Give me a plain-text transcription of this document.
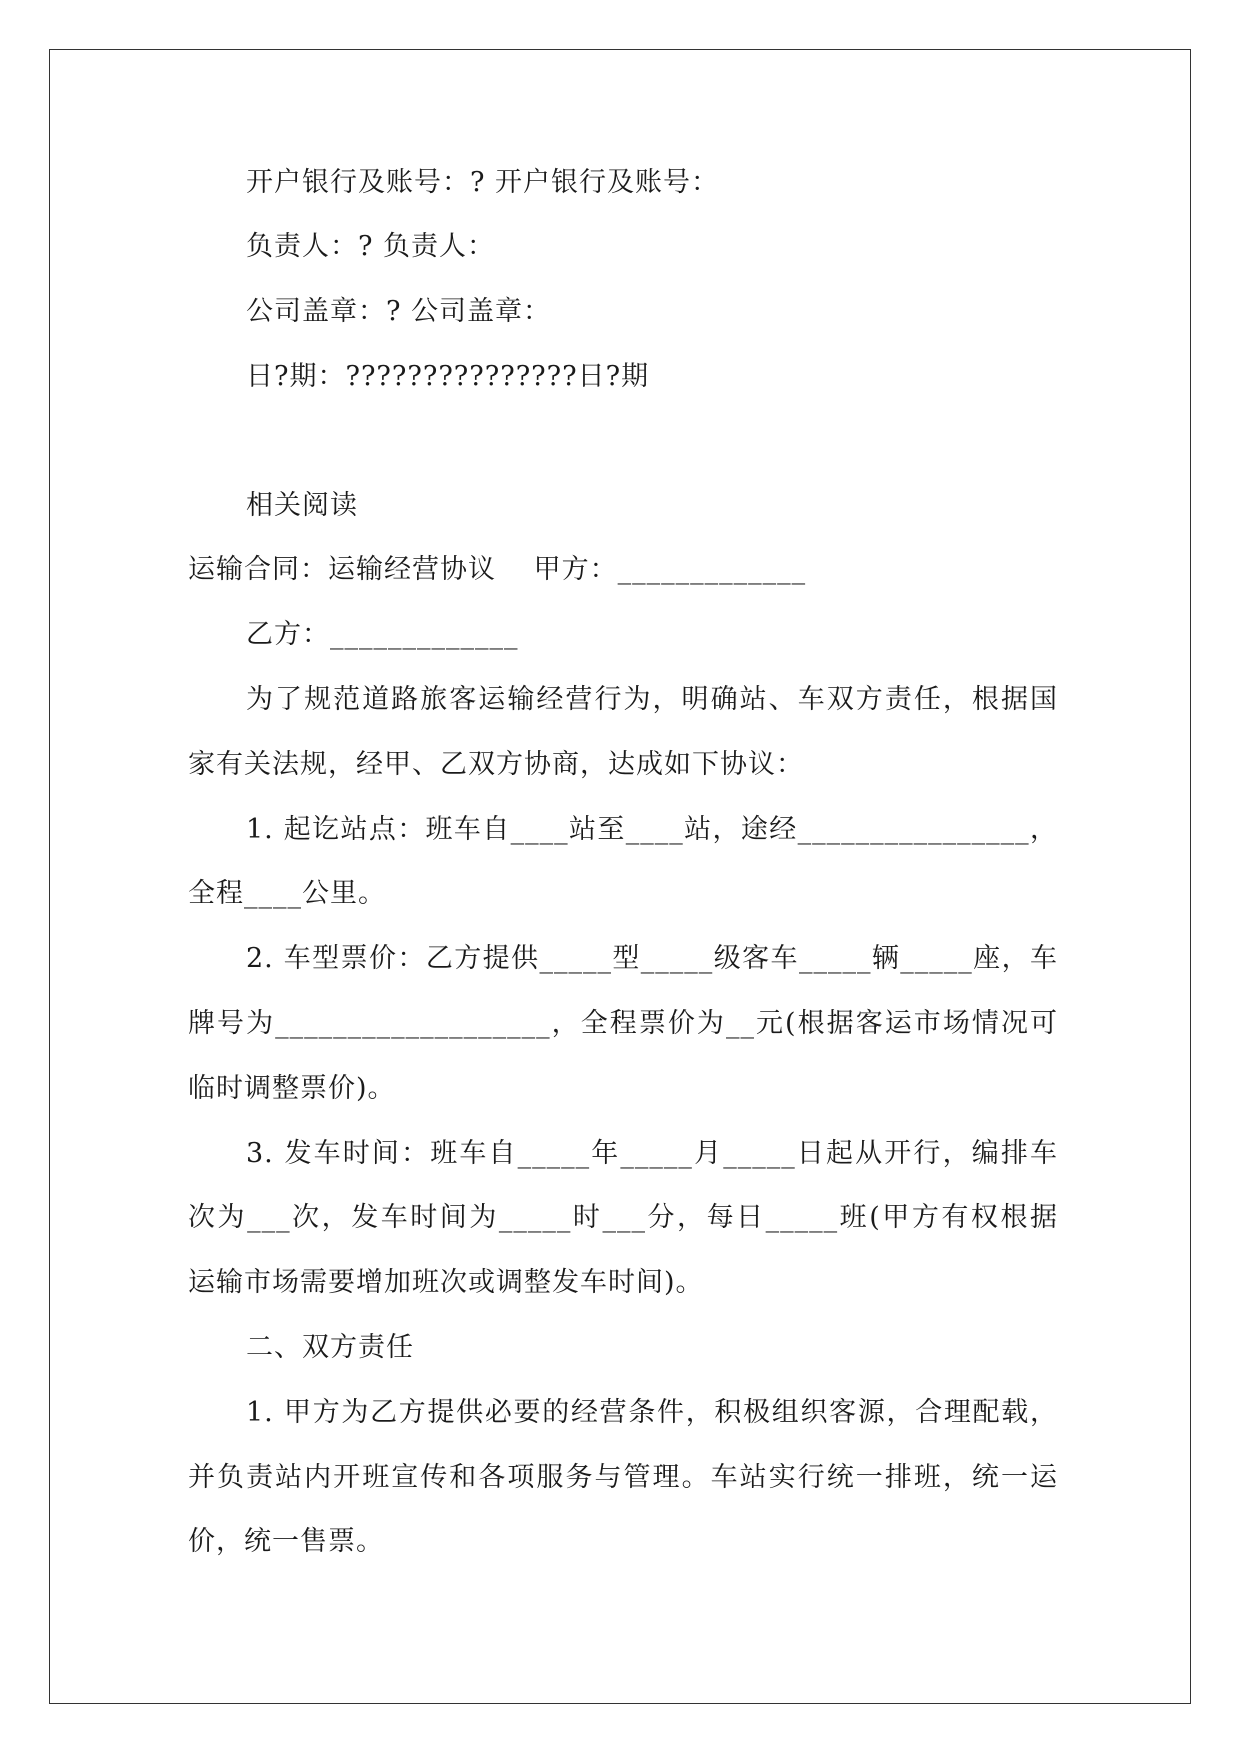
开户银行及账号：? 开户银行及账号：
负责人：? 负责人：
公司盖章：? 公司盖章：
日?期：???????????????日?期
相关阅读
运输合同：运输经营协议　 甲方：_____________
乙方：_____________
为了规范道路旅客运输经营行为，明确站、车双方责任，根据国
家有关法规，经甲、乙双方协商，达成如下协议：
1. 起讫站点：班车自____站至____站，途经________________，
全程____公里。
2. 车型票价：乙方提供_____型_____级客车_____辆_____座，车
牌号为___________________，全程票价为__元(根据客运市场情况可
临时调整票价)。
3. 发车时间：班车自_____年_____月_____日起从开行，编排车
次为___次，发车时间为_____时___分，每日_____班(甲方有权根据
运输市场需要增加班次或调整发车时间)。
二、双方责任
1. 甲方为乙方提供必要的经营条件，积极组织客源，合理配载，
并负责站内开班宣传和各项服务与管理。车站实行统一排班，统一运
价，统一售票。
